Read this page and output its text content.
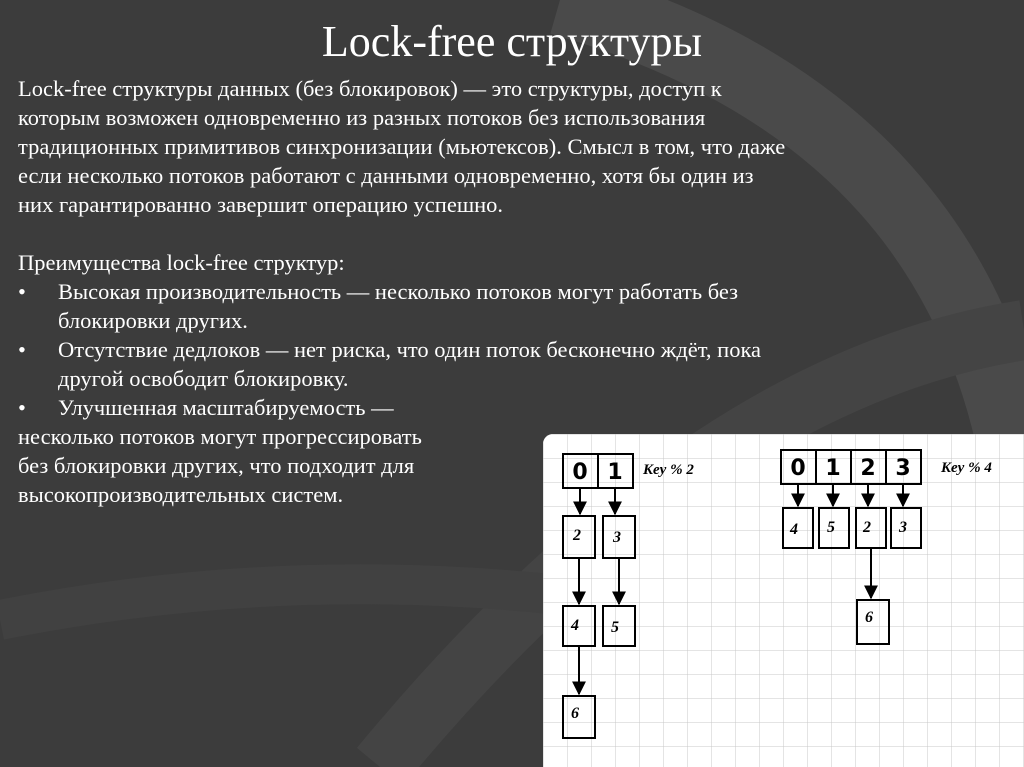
Lock-free структуры

Lock-free структуры данных (без блокировок) — это структуры, доступ к

которым возможен одновременно из разных потоков без использования

традиционных примитивов синхронизации (мьютексов). Смысл в том, что даже

если несколько потоков работают с данными одновременно, хотя бы один из

них гарантированно завершит операцию успешно.

Преимущества lock-free структур:

•	Высокая производительность — несколько потоков могут работать без
блокировки других.
•	Отсутствие дедлоков — нет риска, что один поток бесконечно ждёт, пока
другой освободит блокировку.
•	Улучшенная масштабируемость —

несколько потоков могут прогрессировать

без блокировки других, что подходит для

высокопроизводительных систем.

0 1 Key % 2
2 3
4 5
6
0 1 2 3 Key % 4
4 5 2 3
6
